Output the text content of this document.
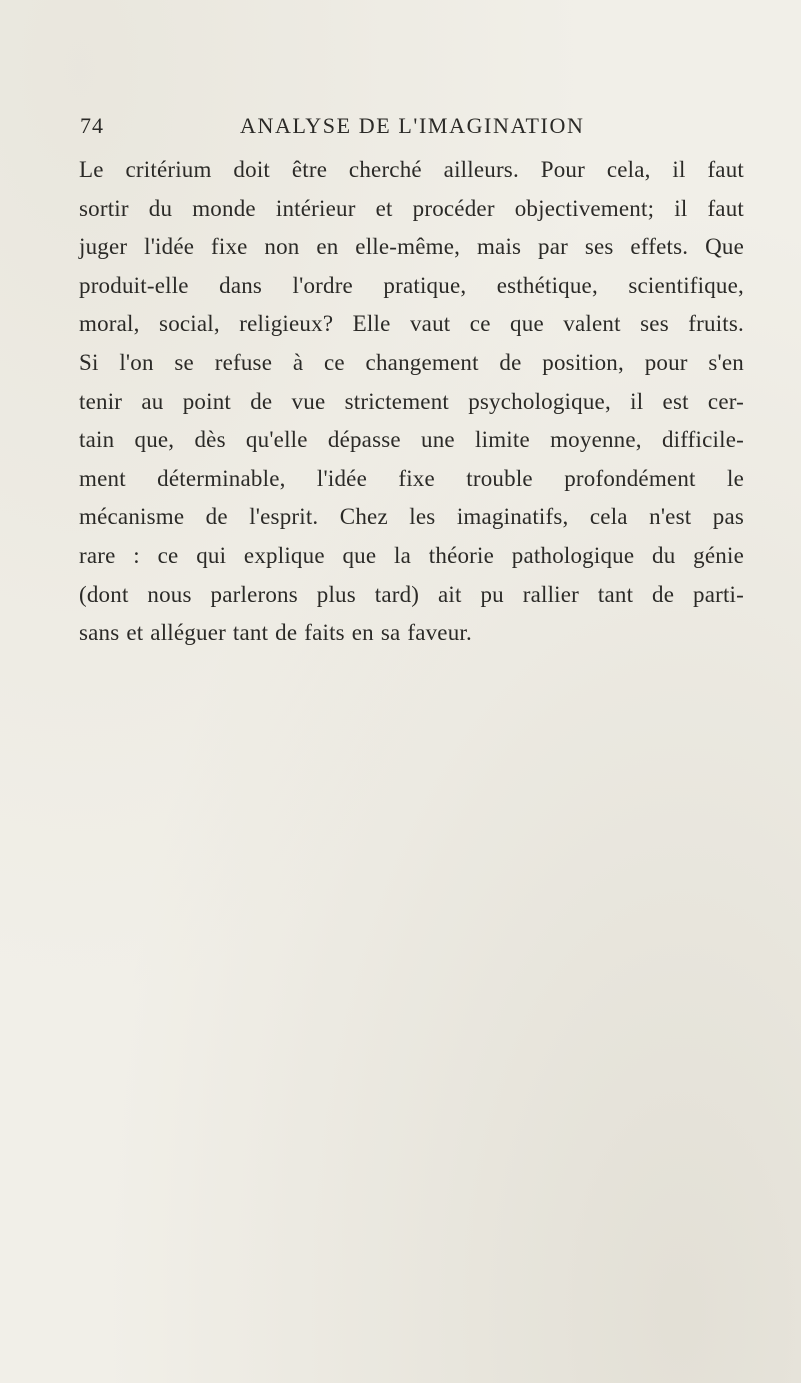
74	ANALYSE DE L'IMAGINATION
Le critérium doit être cherché ailleurs. Pour cela, il faut
sortir du monde intérieur et procéder objectivement; il faut
juger l'idée fixe non en elle-même, mais par ses effets. Que
produit-elle dans l'ordre pratique, esthétique, scientifique,
moral, social, religieux? Elle vaut ce que valent ses fruits.
Si l'on se refuse à ce changement de position, pour s'en
tenir au point de vue strictement psychologique, il est cer-
tain que, dès qu'elle dépasse une limite moyenne, difficile-
ment déterminable, l'idée fixe trouble profondément le
mécanisme de l'esprit. Chez les imaginatifs, cela n'est pas
rare : ce qui explique que la théorie pathologique du génie
(dont nous parlerons plus tard) ait pu rallier tant de parti-
sans et alléguer tant de faits en sa faveur.
